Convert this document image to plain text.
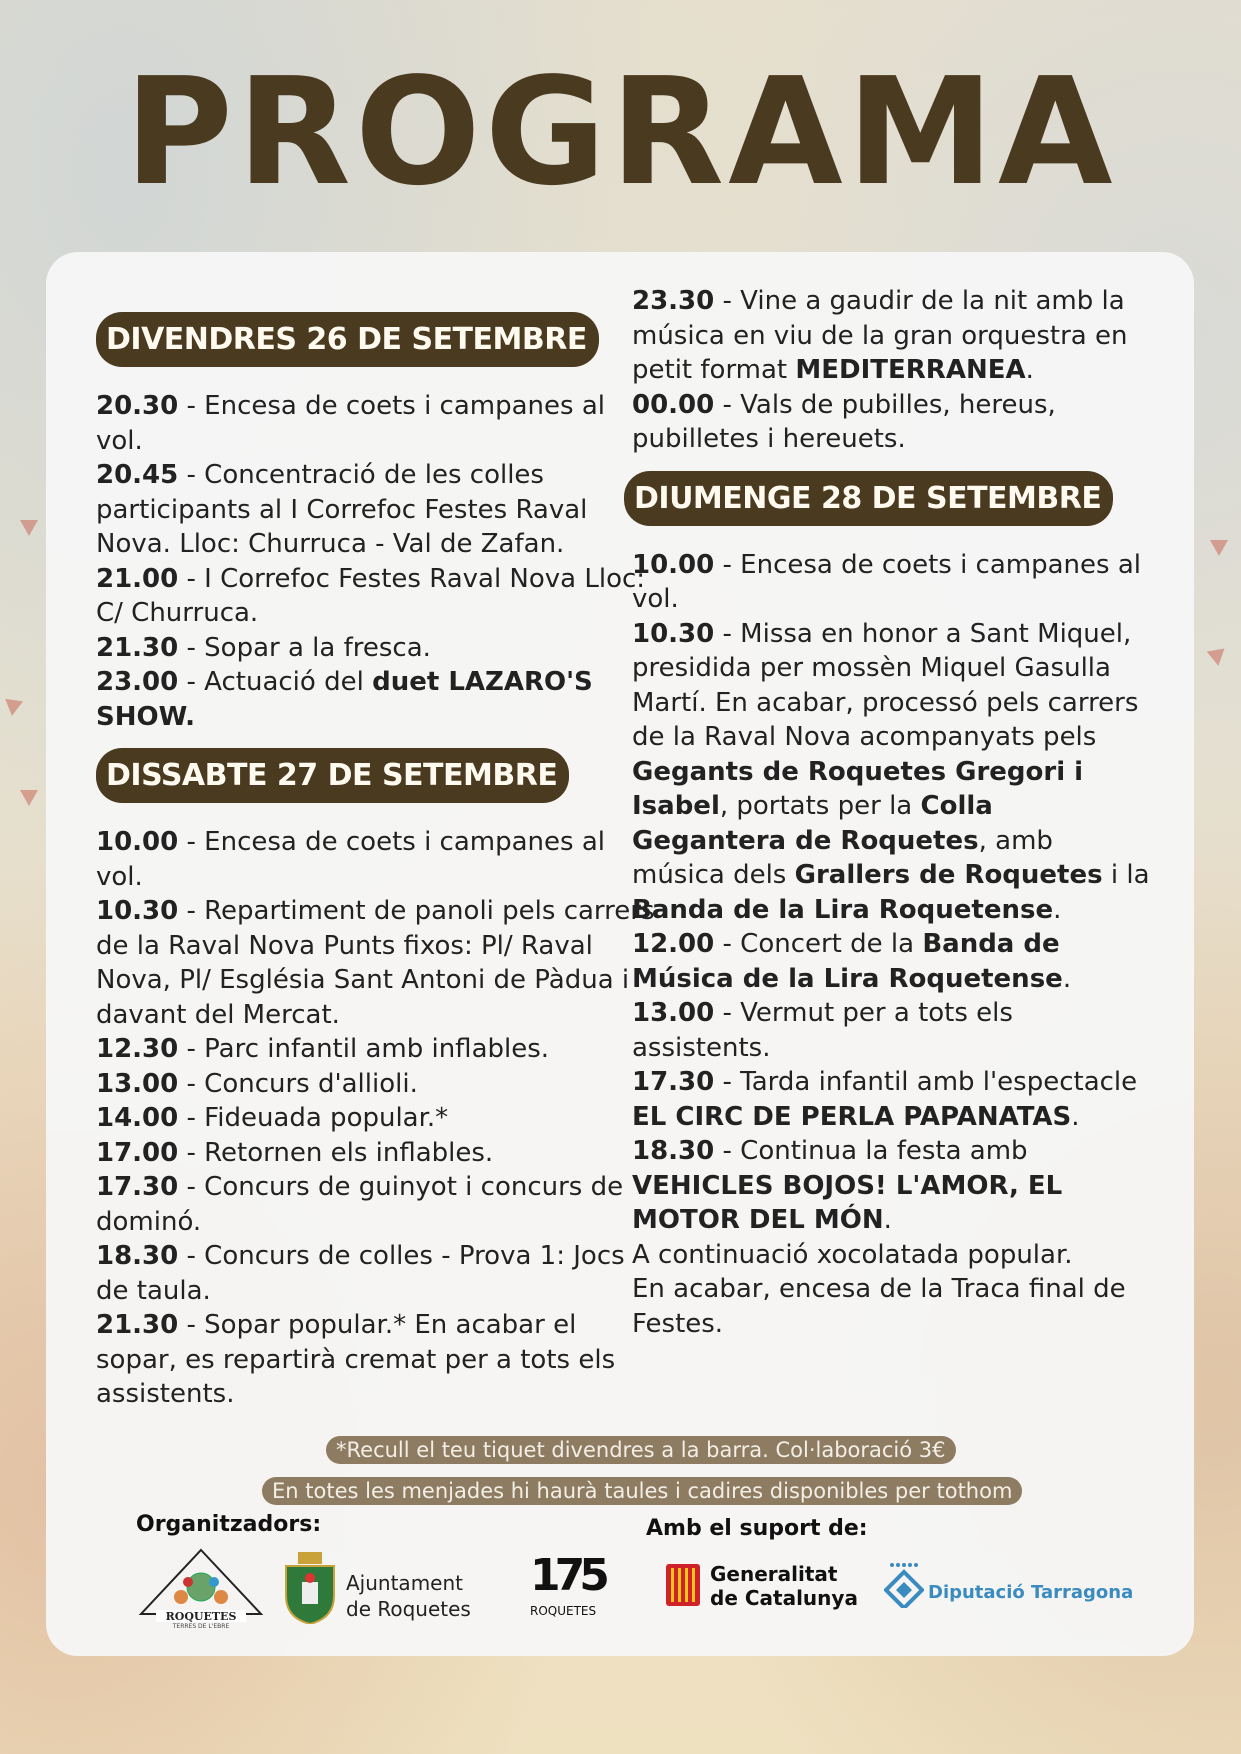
PROGRAMA
DIVENDRES 26 DE SETEMBRE
20.30 - Encesa de coets i campanes al vol.
20.45 - Concentració de les colles participants al I Correfoc Festes Raval Nova. Lloc: Churruca - Val de Zafan.
21.00 - I Correfoc Festes Raval Nova Lloc: C/ Churruca.
21.30 - Sopar a la fresca.
23.00 - Actuació del duet LAZARO'S SHOW.
DISSABTE 27 DE SETEMBRE
10.00 - Encesa de coets i campanes al vol.
10.30 - Repartiment de panoli pels carrers de la Raval Nova Punts fixos: Pl/ Raval Nova, Pl/ Església Sant Antoni de Pàdua i davant del Mercat.
12.30 - Parc infantil amb inflables.
13.00 - Concurs d'allioli.
14.00 - Fideuada popular.*
17.00 - Retornen els inflables.
17.30 - Concurs de guinyot i concurs de dominó.
18.30 - Concurs de colles - Prova 1: Jocs de taula.
21.30 - Sopar popular.* En acabar el sopar, es repartirà cremat per a tots els assistents.
23.30 - Vine a gaudir de la nit amb la música en viu de la gran orquestra en petit format MEDITERRANEA.
00.00 - Vals de pubilles, hereus, pubilletes i hereuets.
DIUMENGE 28 DE SETEMBRE
10.00 - Encesa de coets i campanes al vol.
10.30 - Missa en honor a Sant Miquel, presidida per mossèn Miquel Gasulla Martí. En acabar, processó pels carrers de la Raval Nova acompanyats pels Gegants de Roquetes Gregori i Isabel, portats per la Colla Gegantera de Roquetes, amb música dels Grallers de Roquetes i la Banda de la Lira Roquetense.
12.00 - Concert de la Banda de Música de la Lira Roquetense.
13.00 - Vermut per a tots els assistents.
17.30 - Tarda infantil amb l'espectacle EL CIRC DE PERLA PAPANATAS.
18.30 - Continua la festa amb VEHICLES BOJOS! L'AMOR, EL MOTOR DEL MÓN.
A continuació xocolatada popular.
En acabar, encesa de la Traca final de Festes.
*Recull el teu tiquet divendres a la barra. Col·laboració 3€
En totes les menjades hi haurà taules i cadires disponibles per tothom
Organitzadors:	Amb el suport de:
ROQUETES
TERRES DE L'EBRE
Ajuntament
de Roquetes
175
ROQUETES
Generalitat
de Catalunya	Diputació Tarragona
